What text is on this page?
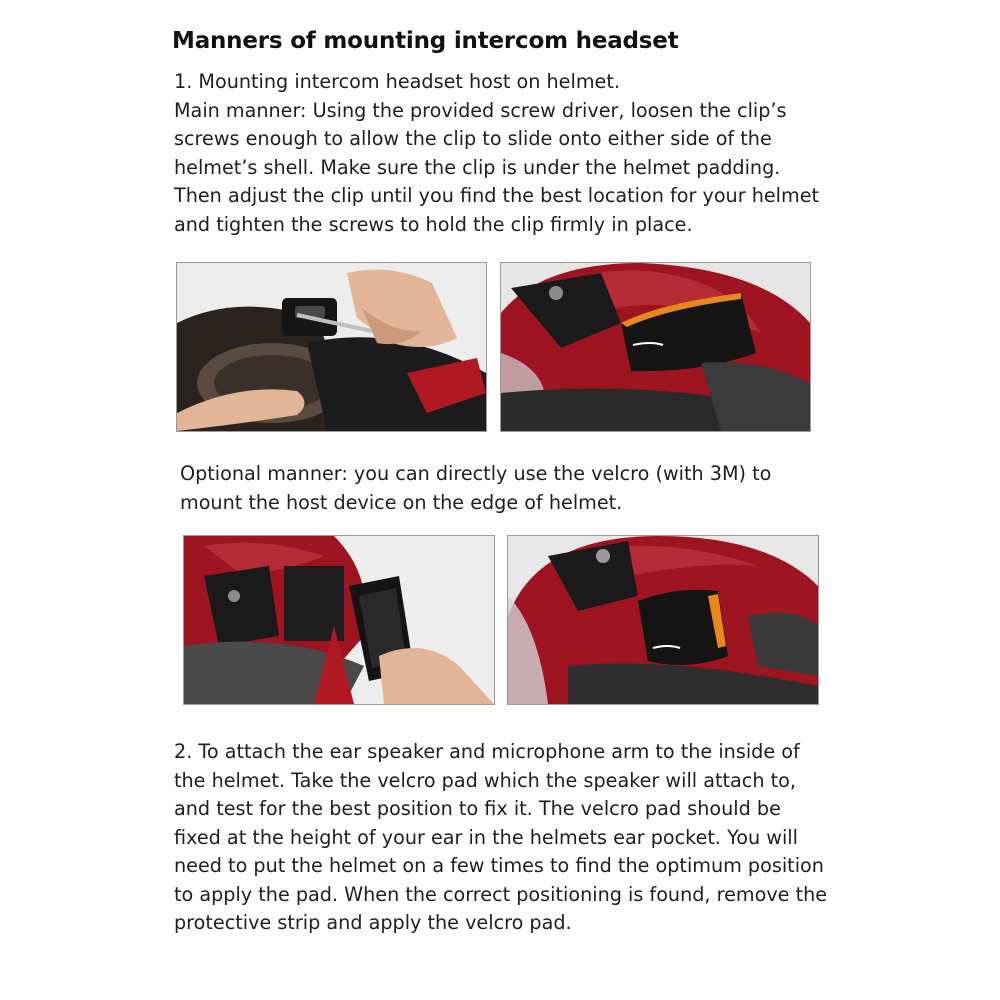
Manners of mounting intercom headset

1. Mounting intercom headset host on helmet.
Main manner: Using the provided screw driver, loosen the clip’s
screws enough to allow the clip to slide onto either side of the
helmet’s shell. Make sure the clip is under the helmet padding.
Then adjust the clip until you find the best location for your helmet
and tighten the screws to hold the clip firmly in place.

Optional manner: you can directly use the velcro (with 3M) to
mount the host device on the edge of helmet.

2. To attach the ear speaker and microphone arm to the inside of
the helmet. Take the velcro pad which the speaker will attach to,
and test for the best position to fix it. The velcro pad should be
fixed at the height of your ear in the helmets ear pocket. You will
need to put the helmet on a few times to find the optimum position
to apply the pad. When the correct positioning is found, remove the
protective strip and apply the velcro pad.
